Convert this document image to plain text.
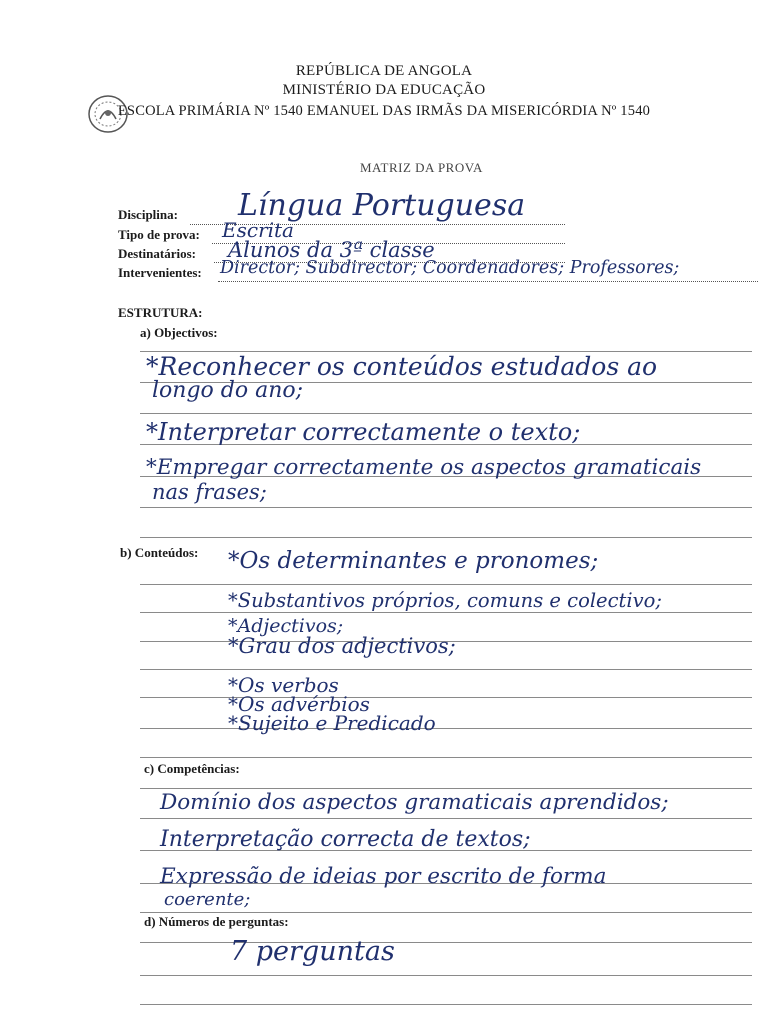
REPÚBLICA DE ANGOLA
MINISTÉRIO DA EDUCAÇÃO
ESCOLA PRIMÁRIA Nº 1540 EMANUEL DAS IRMÃS DA MISERICÓRDIA Nº 1540
MATRIZ DA PROVA
Disciplina: Língua Portuguesa
Tipo de prova: Escrita
Destinatários: Alunos da 3ª classe
Intervenientes: Director; Subdirector; Coordenadores; Professores;
ESTRUTURA:
a) Objectivos:
*Reconhecer os conteúdos estudados ao
longo do ano;
*Interpretar correctamente o texto;
*Empregar correctamente os aspectos gramaticais
nas frases;
b) Conteúdos: *Os determinantes e pronomes;
*Substantivos próprios, comuns e colectivo;
*Adjectivos;
*Grau dos adjectivos;
*Os verbos
*Os advérbios
*Sujeito e Predicado
c) Competências:
Domínio dos aspectos gramaticais aprendidos;
Interpretação correcta de textos;
Expressão de ideias por escrito de forma
coerente;
d) Números de perguntas:
7 perguntas
